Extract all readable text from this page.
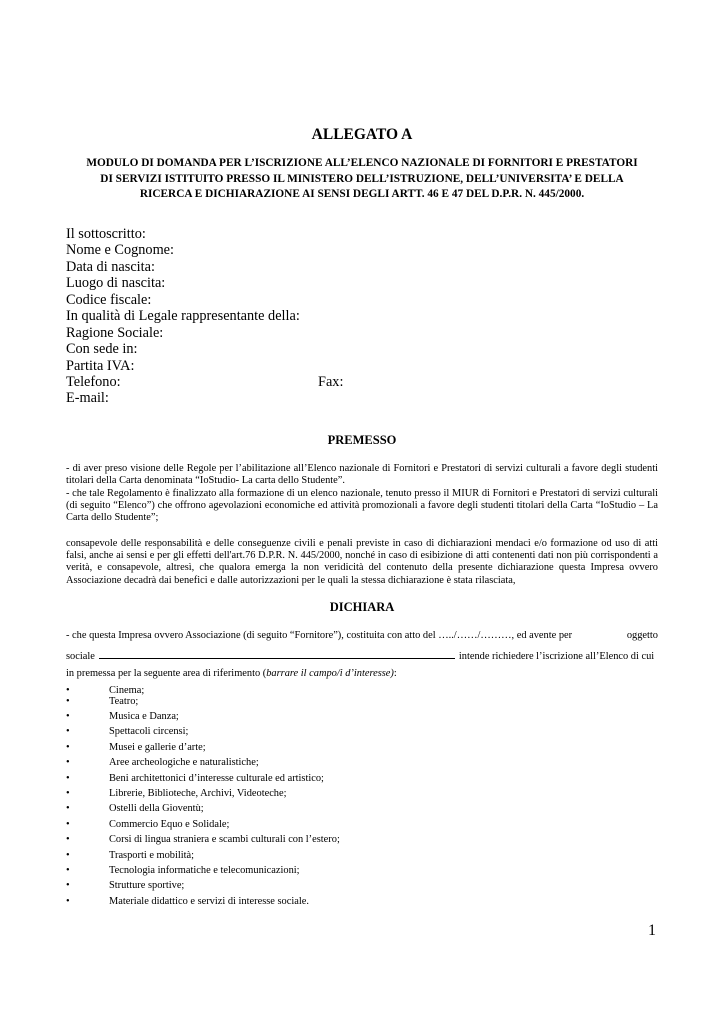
ALLEGATO A
MODULO DI DOMANDA PER L’ISCRIZIONE ALL’ELENCO NAZIONALE DI FORNITORI E PRESTATORI
DI SERVIZI ISTITUITO PRESSO IL MINISTERO DELL’ISTRUZIONE, DELL’UNIVERSITA’ E DELLA
RICERCA E DICHIARAZIONE AI SENSI DEGLI ARTT. 46 E 47 DEL D.P.R. N. 445/2000.
Il sottoscritto:
Nome e Cognome:
Data di nascita:
Luogo di nascita:
Codice fiscale:
In qualità di Legale rappresentante della:
Ragione Sociale:
Con sede in:
Partita IVA:
Telefono:	Fax:
E-mail:
PREMESSO
- di aver preso visione delle Regole per l’abilitazione all’Elenco nazionale di Fornitori e Prestatori di servizi culturali a favore degli studenti titolari della Carta denominata “IoStudio- La carta dello Studente”.
- che tale Regolamento è finalizzato alla formazione di un elenco nazionale, tenuto presso il MIUR di Fornitori e Prestatori di servizi culturali (di seguito “Elenco”) che offrono agevolazioni economiche ed attività promozionali a favore degli studenti titolari della Carta “IoStudio – La Carta dello Studente”;
consapevole delle responsabilità e delle conseguenze civili e penali previste in caso di dichiarazioni mendaci e/o formazione od uso di atti falsi, anche ai sensi e per gli effetti dell'art.76 D.P.R. N. 445/2000, nonché in caso di esibizione di atti contenenti dati non più corrispondenti a verità, e consapevole, altresì, che qualora emerga la non veridicità del contenuto della presente dichiarazione questa Impresa ovvero Associazione decadrà dai benefici e dalle autorizzazioni per le quali la stessa dichiarazione è stata rilasciata,
DICHIARA
- che questa Impresa ovvero Associazione (di seguito “Fornitore”), costituita con atto del …../……/………, ed avente per	oggetto
sociale	intende richiedere l’iscrizione all’Elenco di cui
in premessa per la seguente area di riferimento (barrare il campo/i d’interesse):
•	Cinema;
•	Teatro;
•	Musica e Danza;
•	Spettacoli circensi;
•	Musei e gallerie d’arte;
•	Aree archeologiche e naturalistiche;
•	Beni architettonici d’interesse culturale ed artistico;
•	Librerie, Biblioteche, Archivi, Videoteche;
•	Ostelli della Gioventù;
•	Commercio Equo e Solidale;
•	Corsi di lingua straniera e scambi culturali con l’estero;
•	Trasporti e mobilità;
•	Tecnologia informatiche e telecomunicazioni;
•	Strutture sportive;
•	Materiale didattico e servizi di interesse sociale.
1
